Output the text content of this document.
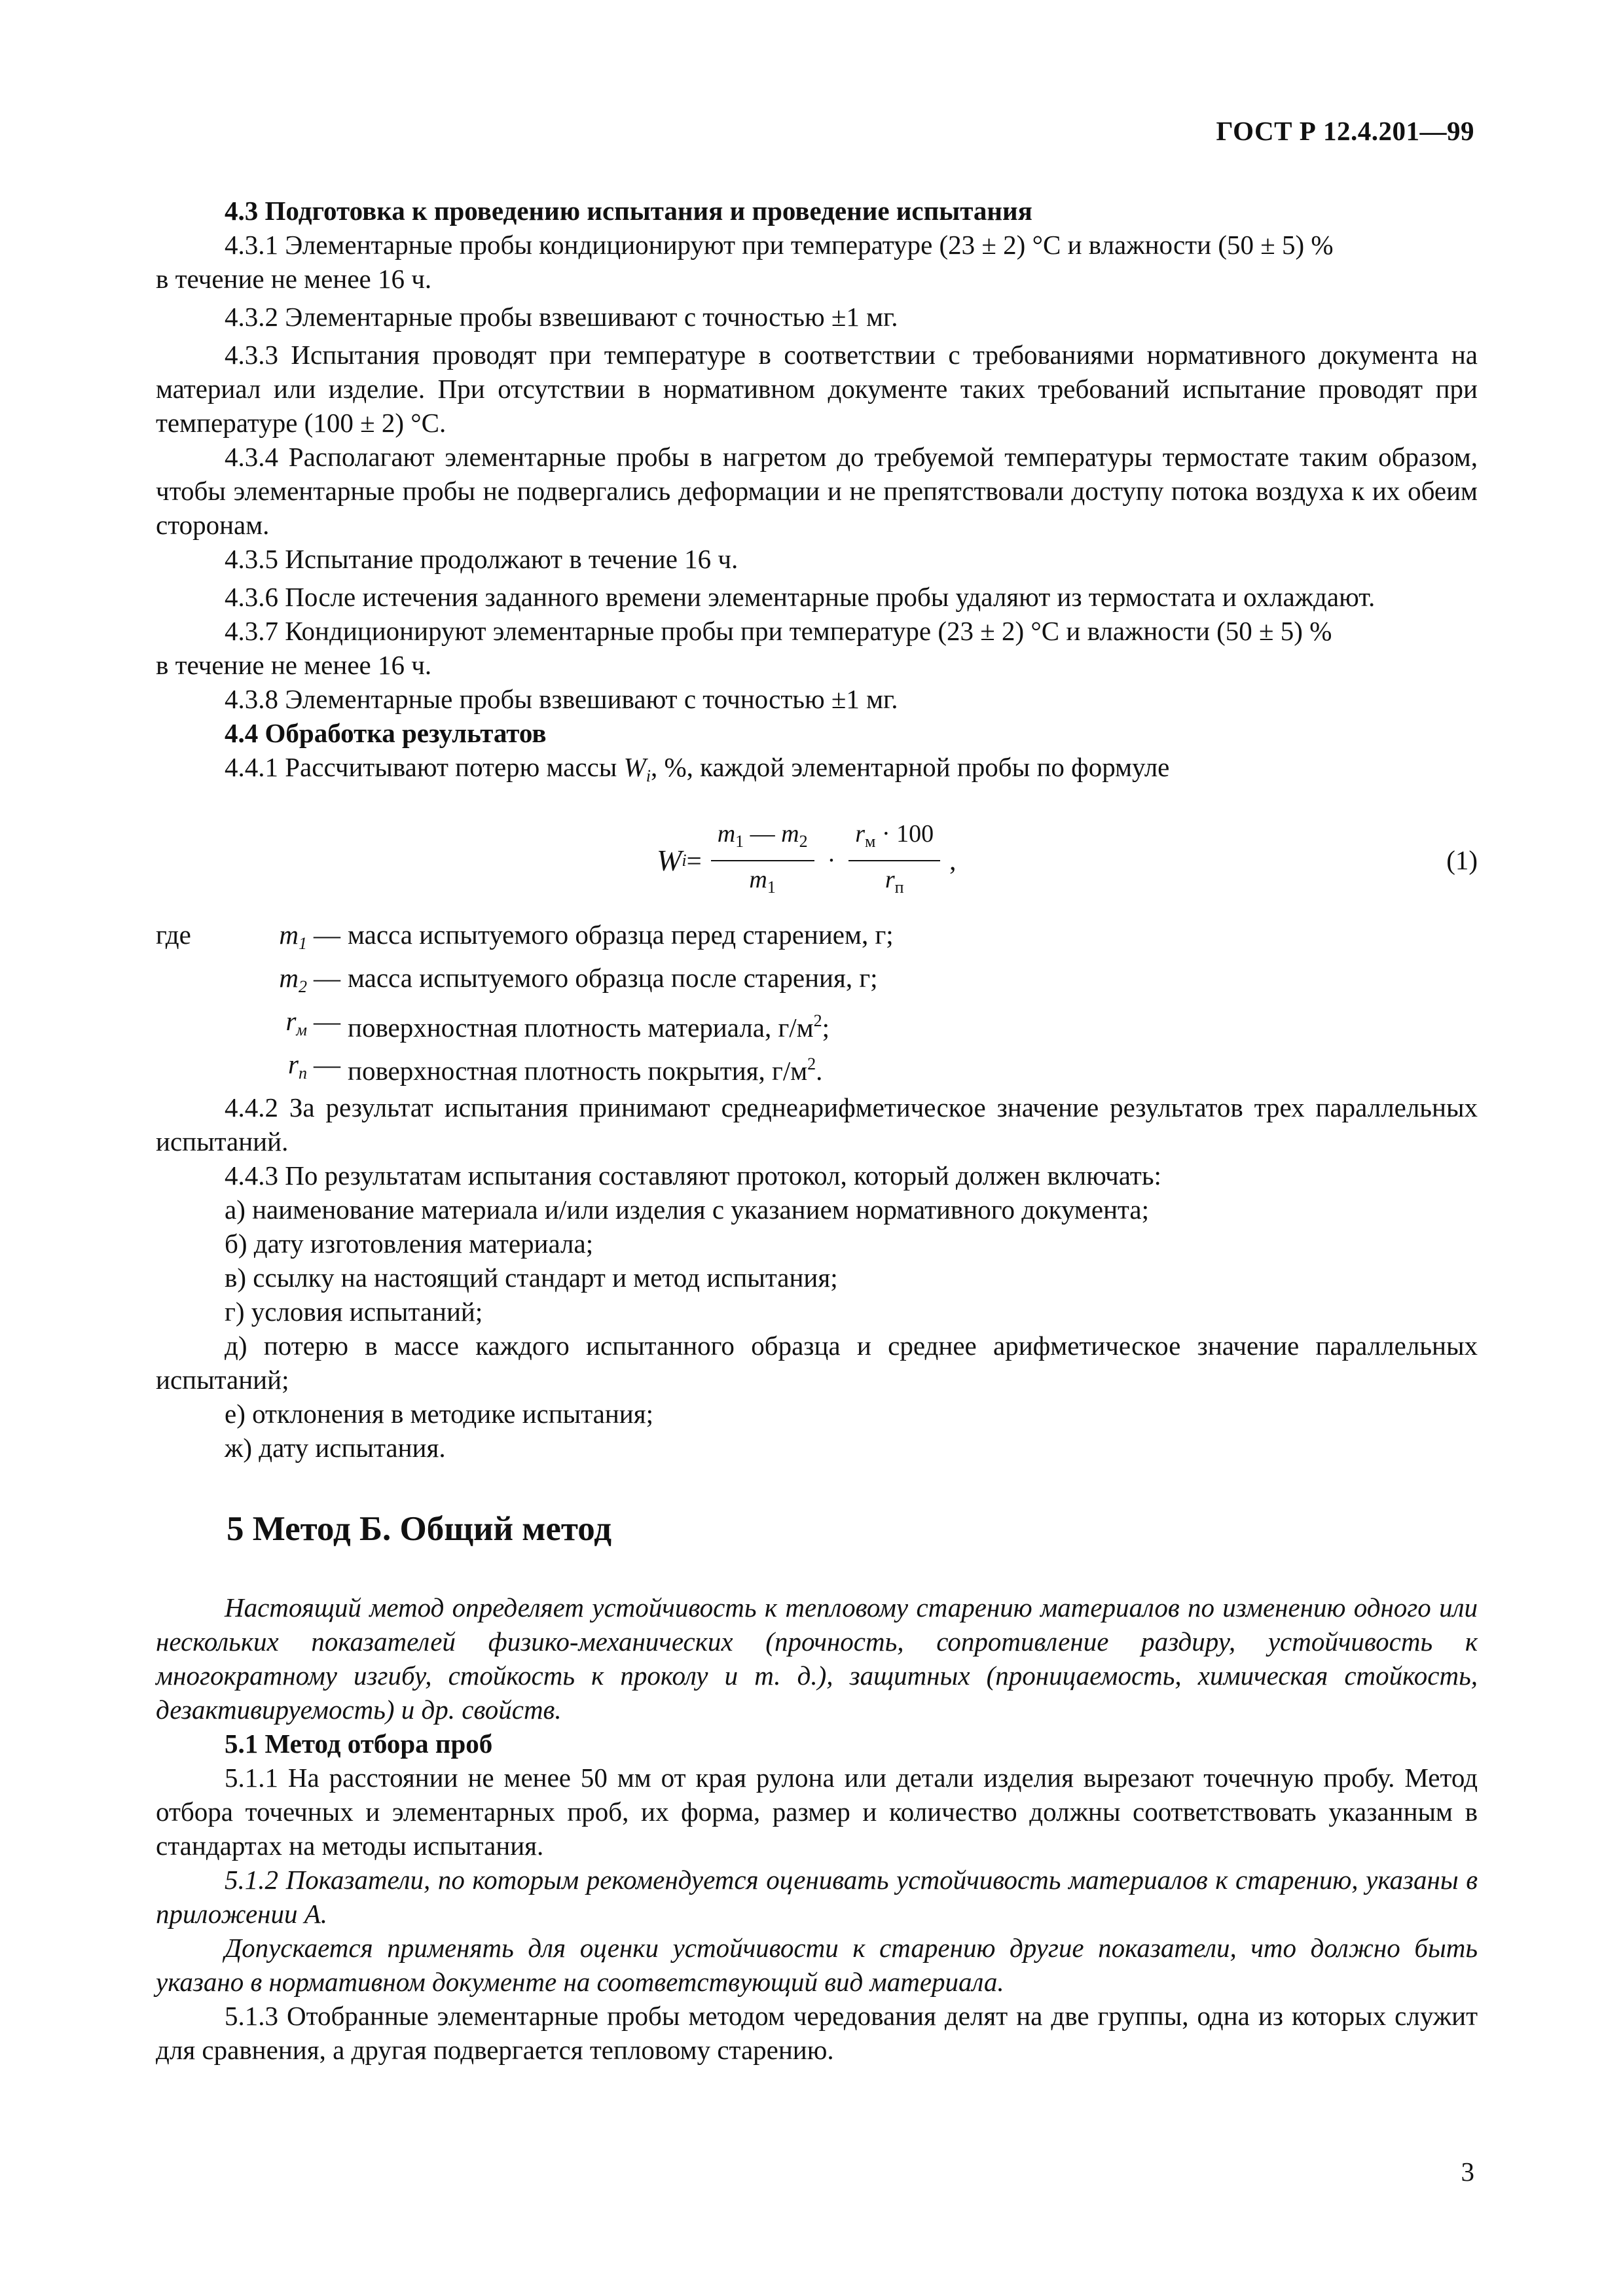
ГОСТ Р 12.4.201—99

4.3 Подготовка к проведению испытания и проведение испытания

4.3.1 Элементарные пробы кондиционируют при температуре (23 ± 2) °С и влажности (50 ± 5) %

в течение не менее 16 ч.

4.3.2 Элементарные пробы взвешивают с точностью ±1 мг.

4.3.3 Испытания проводят при температуре в соответствии с требованиями нормативного документа на материал или изделие. При отсутствии в нормативном документе таких требований испытание проводят при температуре (100 ± 2) °С.

4.3.4 Располагают элементарные пробы в нагретом до требуемой температуры термостате таким образом, чтобы элементарные пробы не подвергались деформации и не препятствовали доступу потока воздуха к их обеим сторонам.

4.3.5 Испытание продолжают в течение 16 ч.

4.3.6 После истечения заданного времени элементарные пробы удаляют из термостата и охлаждают.

4.3.7 Кондиционируют элементарные пробы при температуре (23 ± 2) °С и влажности (50 ± 5) %

в течение не менее 16 ч.

4.3.8 Элементарные пробы взвешивают с точностью ±1 мг.

4.4 Обработка результатов

4.4.1 Рассчитывают потерю массы $W_i$, %, каждой элементарной пробы по формуле

W $i = \frac{m_1 — m_2}{m_1} \cdot \frac{r_м \cdot 100}{r_п}$ ,	(1)
где	$m_1$ — масса испытуемого образца перед старением, г;
$m_2$ — масса испытуемого образца после старения, г;
$r_м$ — поверхностная плотность материала, $г/м^2$;
$r_п$ — поверхностная плотность покрытия, $г/м^2$.

4.4.2 За результат испытания принимают среднеарифметическое значение результатов трех параллельных испытаний.

4.4.3 По результатам испытания составляют протокол, который должен включать:

а) наименование материала и/или изделия с указанием нормативного документа;

б) дату изготовления материала;

в) ссылку на настоящий стандарт и метод испытания;

г) условия испытаний;

д) потерю в массе каждого испытанного образца и среднее арифметическое значение параллельных испытаний;

е) отклонения в методике испытания;

ж) дату испытания.

5 Метод Б. Общий метод

Настоящий метод определяет устойчивость к тепловому старению материалов по изменению одного или нескольких показателей физико-механических (прочность, сопротивление раздиру, устойчивость к многократному изгибу, стойкость к проколу и т. д.), защитных (проницаемость, химическая стойкость, дезактивируемость) и др. свойств.

5.1 Метод отбора проб

5.1.1 На расстоянии не менее 50 мм от края рулона или детали изделия вырезают точечную пробу. Метод отбора точечных и элементарных проб, их форма, размер и количество должны соответствовать указанным в стандартах на методы испытания.

5.1.2 Показатели, по которым рекомендуется оценивать устойчивость материалов к старению, указаны в приложении А.

Допускается применять для оценки устойчивости к старению другие показатели, что должно быть указано в нормативном документе на соответствующий вид материала.

5.1.3 Отобранные элементарные пробы методом чередования делят на две группы, одна из которых служит для сравнения, а другая подвергается тепловому старению.

3
